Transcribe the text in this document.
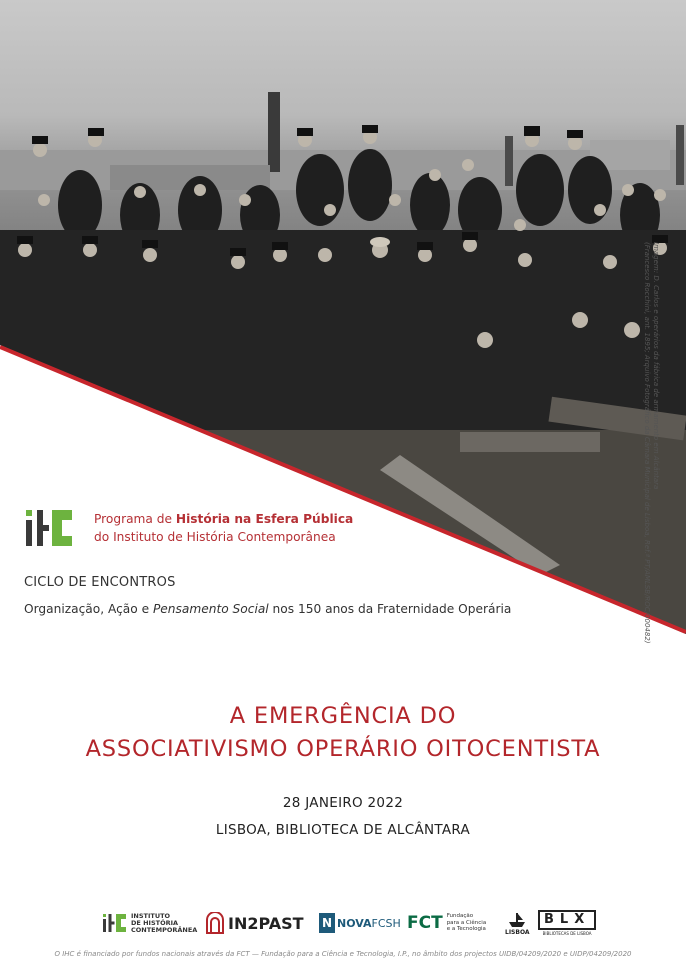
Imagem: D. Carlos e operários da fábrica de armamento em Alcântara
(Francesco Rocchini, ant. 1895; Arquivo Fotográfico da Câmara Municipal de Lisboa, Ref.ª PT/AMLSB/ROC/000482)
Programa de História na Esfera Pública
do Instituto de História Contemporânea
CICLO DE ENCONTROS
Organização, Ação e Pensamento Social nos 150 anos da Fraternidade Operária
A EMERGÊNCIA DO
ASSOCIATIVISMO OPERÁRIO OITOCENTISTA
28 JANEIRO 2022
LISBOA, BIBLIOTECA DE ALCÂNTARA
INSTITUTO
DE HISTÓRIA
CONTEMPORÂNEA IN2PAST N NOVA FCSH FCT Fundação
para a Ciência
e a Tecnologia	LISBOA
BLX
BIBLIOTECAS DE LISBOA
O IHC é financiado por fundos nacionais através da FCT — Fundação para a Ciência e Tecnologia, I.P., no âmbito dos projectos UIDB/04209/2020 e UIDP/04209/2020
